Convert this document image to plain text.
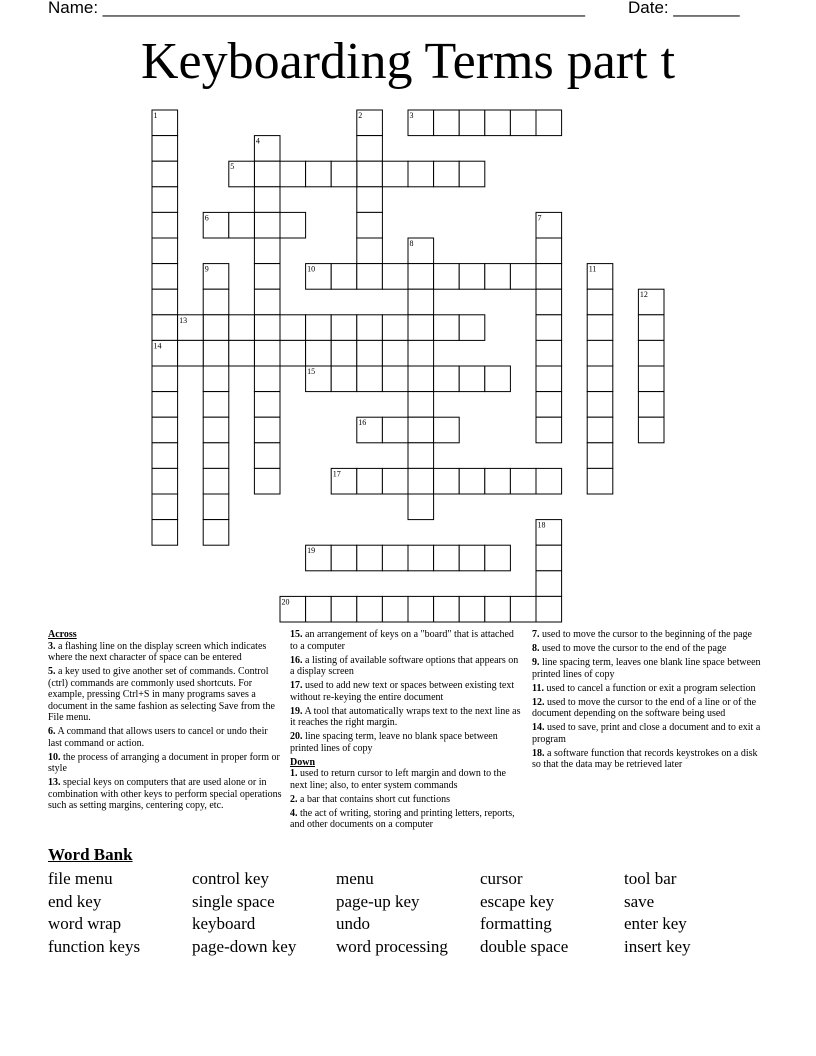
Name: ___________________________________________________	Date: _______
Keyboarding Terms part t
1	2	3
4
5
6	7
8
9	10	11
12
13
14
15
16
17
18
19
20
Across
3. a flashing line on the display screen which indicates where the next character of space can be entered
5. a key used to give another set of commands. Control (ctrl) commands are commonly used shortcuts. For example, pressing Ctrl+S in many programs saves a document in the same fashion as selecting Save from the File menu.
6. A command that allows users to cancel or undo their last command or action.
10. the process of arranging a document in proper form or style
13. special keys on computers that are used alone or in combination with other keys to perform special operations such as setting margins, centering copy, etc.
15. an arrangement of keys on a "board" that is attached to a computer
16. a listing of available software options that appears on a display screen
17. used to add new text or spaces between existing text without re-keying the entire document
19. A tool that automatically wraps text to the next line as it reaches the right margin.
20. line spacing term, leave no blank space between printed lines of copy
Down
1. used to return cursor to left margin and down to the next line; also, to enter system commands
2. a bar that contains short cut functions
4. the act of writing, storing and printing letters, reports, and other documents on a computer
7. used to move the cursor to the beginning of the page
8. used to move the cursor to the end of the page
9. line spacing term, leaves one blank line space between printed lines of copy
11. used to cancel a function or exit a program selection
12. used to move the cursor to the end of a line or of the document depending on the software being used
14. used to save, print and close a document and to exit a program
18. a software function that records keystrokes on a disk so that the data may be retrieved later
Word Bank
file menu	control key	menu	cursor	tool bar
end key	single space	page-up key	escape key	save
word wrap	keyboard	undo	formatting	enter key
function keys	page-down key	word processing	double space	insert key
